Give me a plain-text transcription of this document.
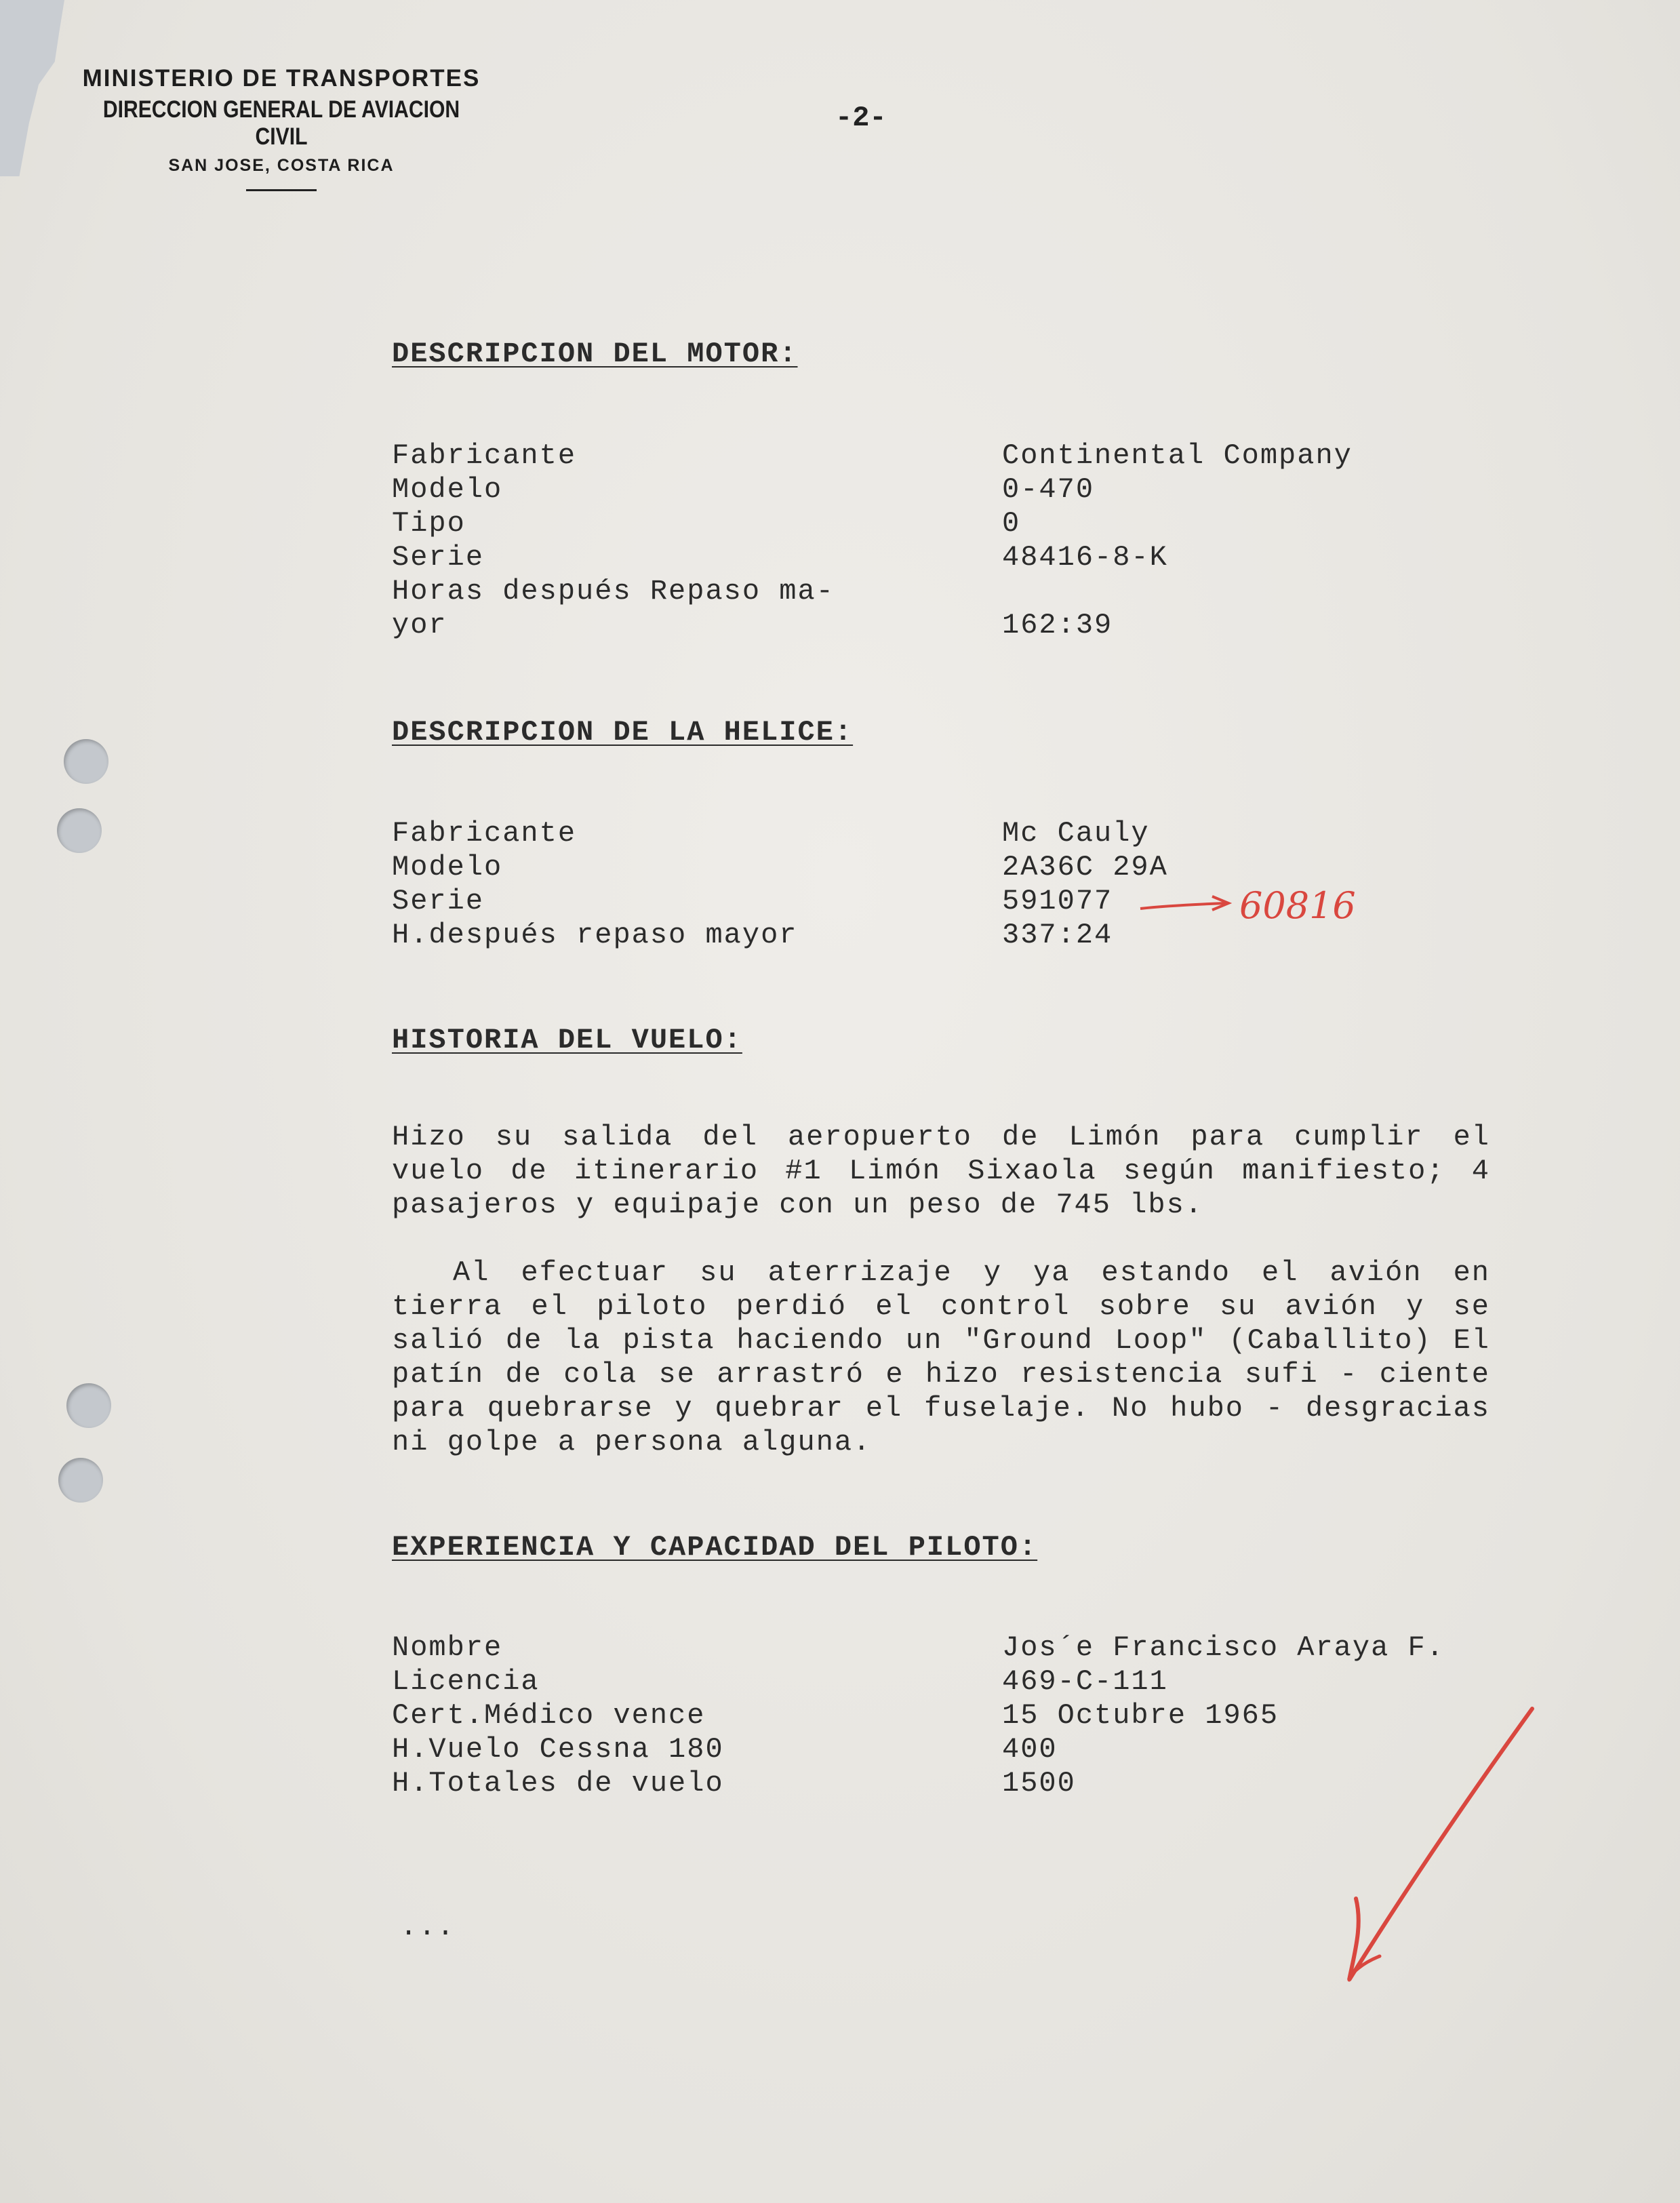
MINISTERIO DE TRANSPORTES
DIRECCION GENERAL DE AVIACION CIVIL
SAN JOSE, COSTA RICA
-2-
DESCRIPCION DEL MOTOR:
Fabricante	Continental Company
Modelo	0-470
Tipo	0
Serie	48416-8-K
Horas después Repaso ma-
yor	162:39
DESCRIPCION DE LA HELICE:
Fabricante	Mc Cauly
Modelo	2A36C 29A
Serie	591077
H.después repaso mayor	337:24
60816
HISTORIA DEL VUELO:

Hizo su salida del aeropuerto de Limón para cumplir el vuelo de itinerario #1 Limón Sixaola según manifiesto; 4 pasajeros y equipaje con un peso de 745 lbs.

Al efectuar su aterrizaje y ya estando el avión en tierra el piloto perdió el control sobre su avión y se salió de la pista haciendo un "Ground Loop" (Caballito) El patín de cola se arrastró e hizo resistencia sufi - ciente para quebrarse y quebrar el fuselaje. No hubo - desgracias ni golpe a persona alguna.

EXPERIENCIA Y CAPACIDAD DEL PILOTO:
Nombre	Jos´e Francisco Araya F.
Licencia	469-C-111
Cert.Médico vence	15 Octubre 1965
H.Vuelo Cessna 180	400
H.Totales de vuelo	1500
...
